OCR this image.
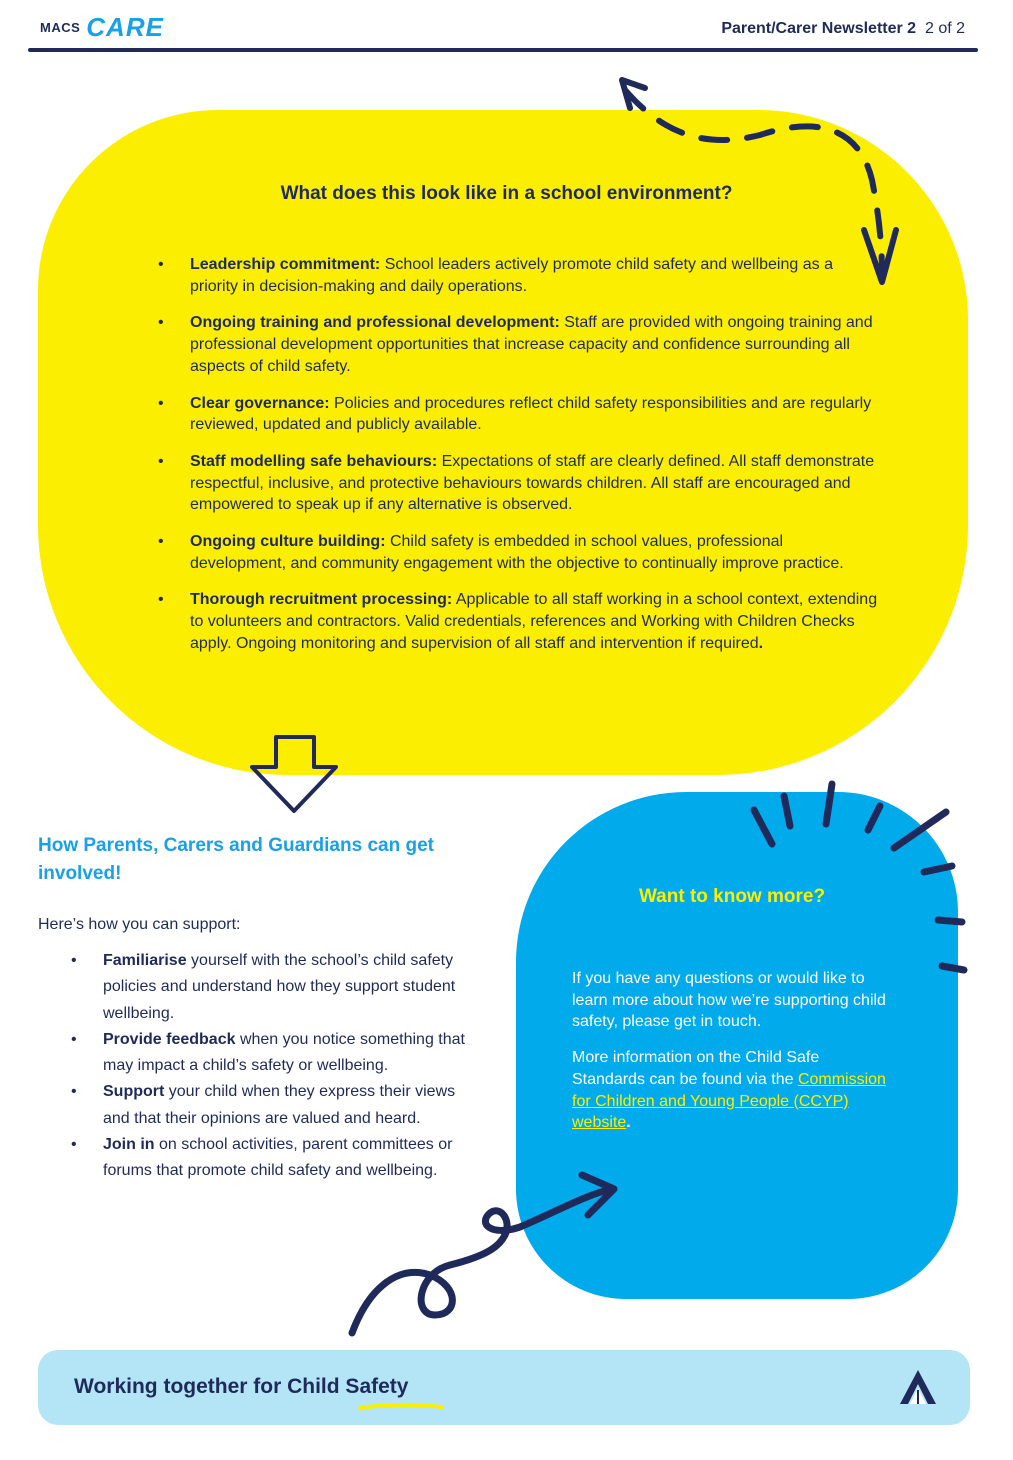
MACS CARE	Parent/Carer Newsletter 2 2 of 2
What does this look like in a school environment?
• Leadership commitment: School leaders actively promote child safety and wellbeing as a priority in decision-making and daily operations.
• Ongoing training and professional development: Staff are provided with ongoing training and professional development opportunities that increase capacity and confidence surrounding all aspects of child safety.
• Clear governance: Policies and procedures reflect child safety responsibilities and are regularly reviewed, updated and publicly available.
• Staff modelling safe behaviours: Expectations of staff are clearly defined. All staff demonstrate respectful, inclusive, and protective behaviours towards children. All staff are encouraged and empowered to speak up if any alternative is observed.
• Ongoing culture building: Child safety is embedded in school values, professional development, and community engagement with the objective to continually improve practice.
• Thorough recruitment processing: Applicable to all staff working in a school context, extending to volunteers and contractors. Valid credentials, references and Working with Children Checks apply. Ongoing monitoring and supervision of all staff and intervention if required.
How Parents, Carers and Guardians can get involved!
Here’s how you can support:
• Familiarise yourself with the school’s child safety policies and understand how they support student wellbeing.
• Provide feedback when you notice something that may impact a child’s safety or wellbeing.
• Support your child when they express their views and that their opinions are valued and heard.
• Join in on school activities, parent committees or forums that promote child safety and wellbeing.
Want to know more?

If you have any questions or would like to learn more about how we’re supporting child safety, please get in touch.

More information on the Child Safe Standards can be found via the Commission for Children and Young People (CCYP) website.

Working together for Child Safety
